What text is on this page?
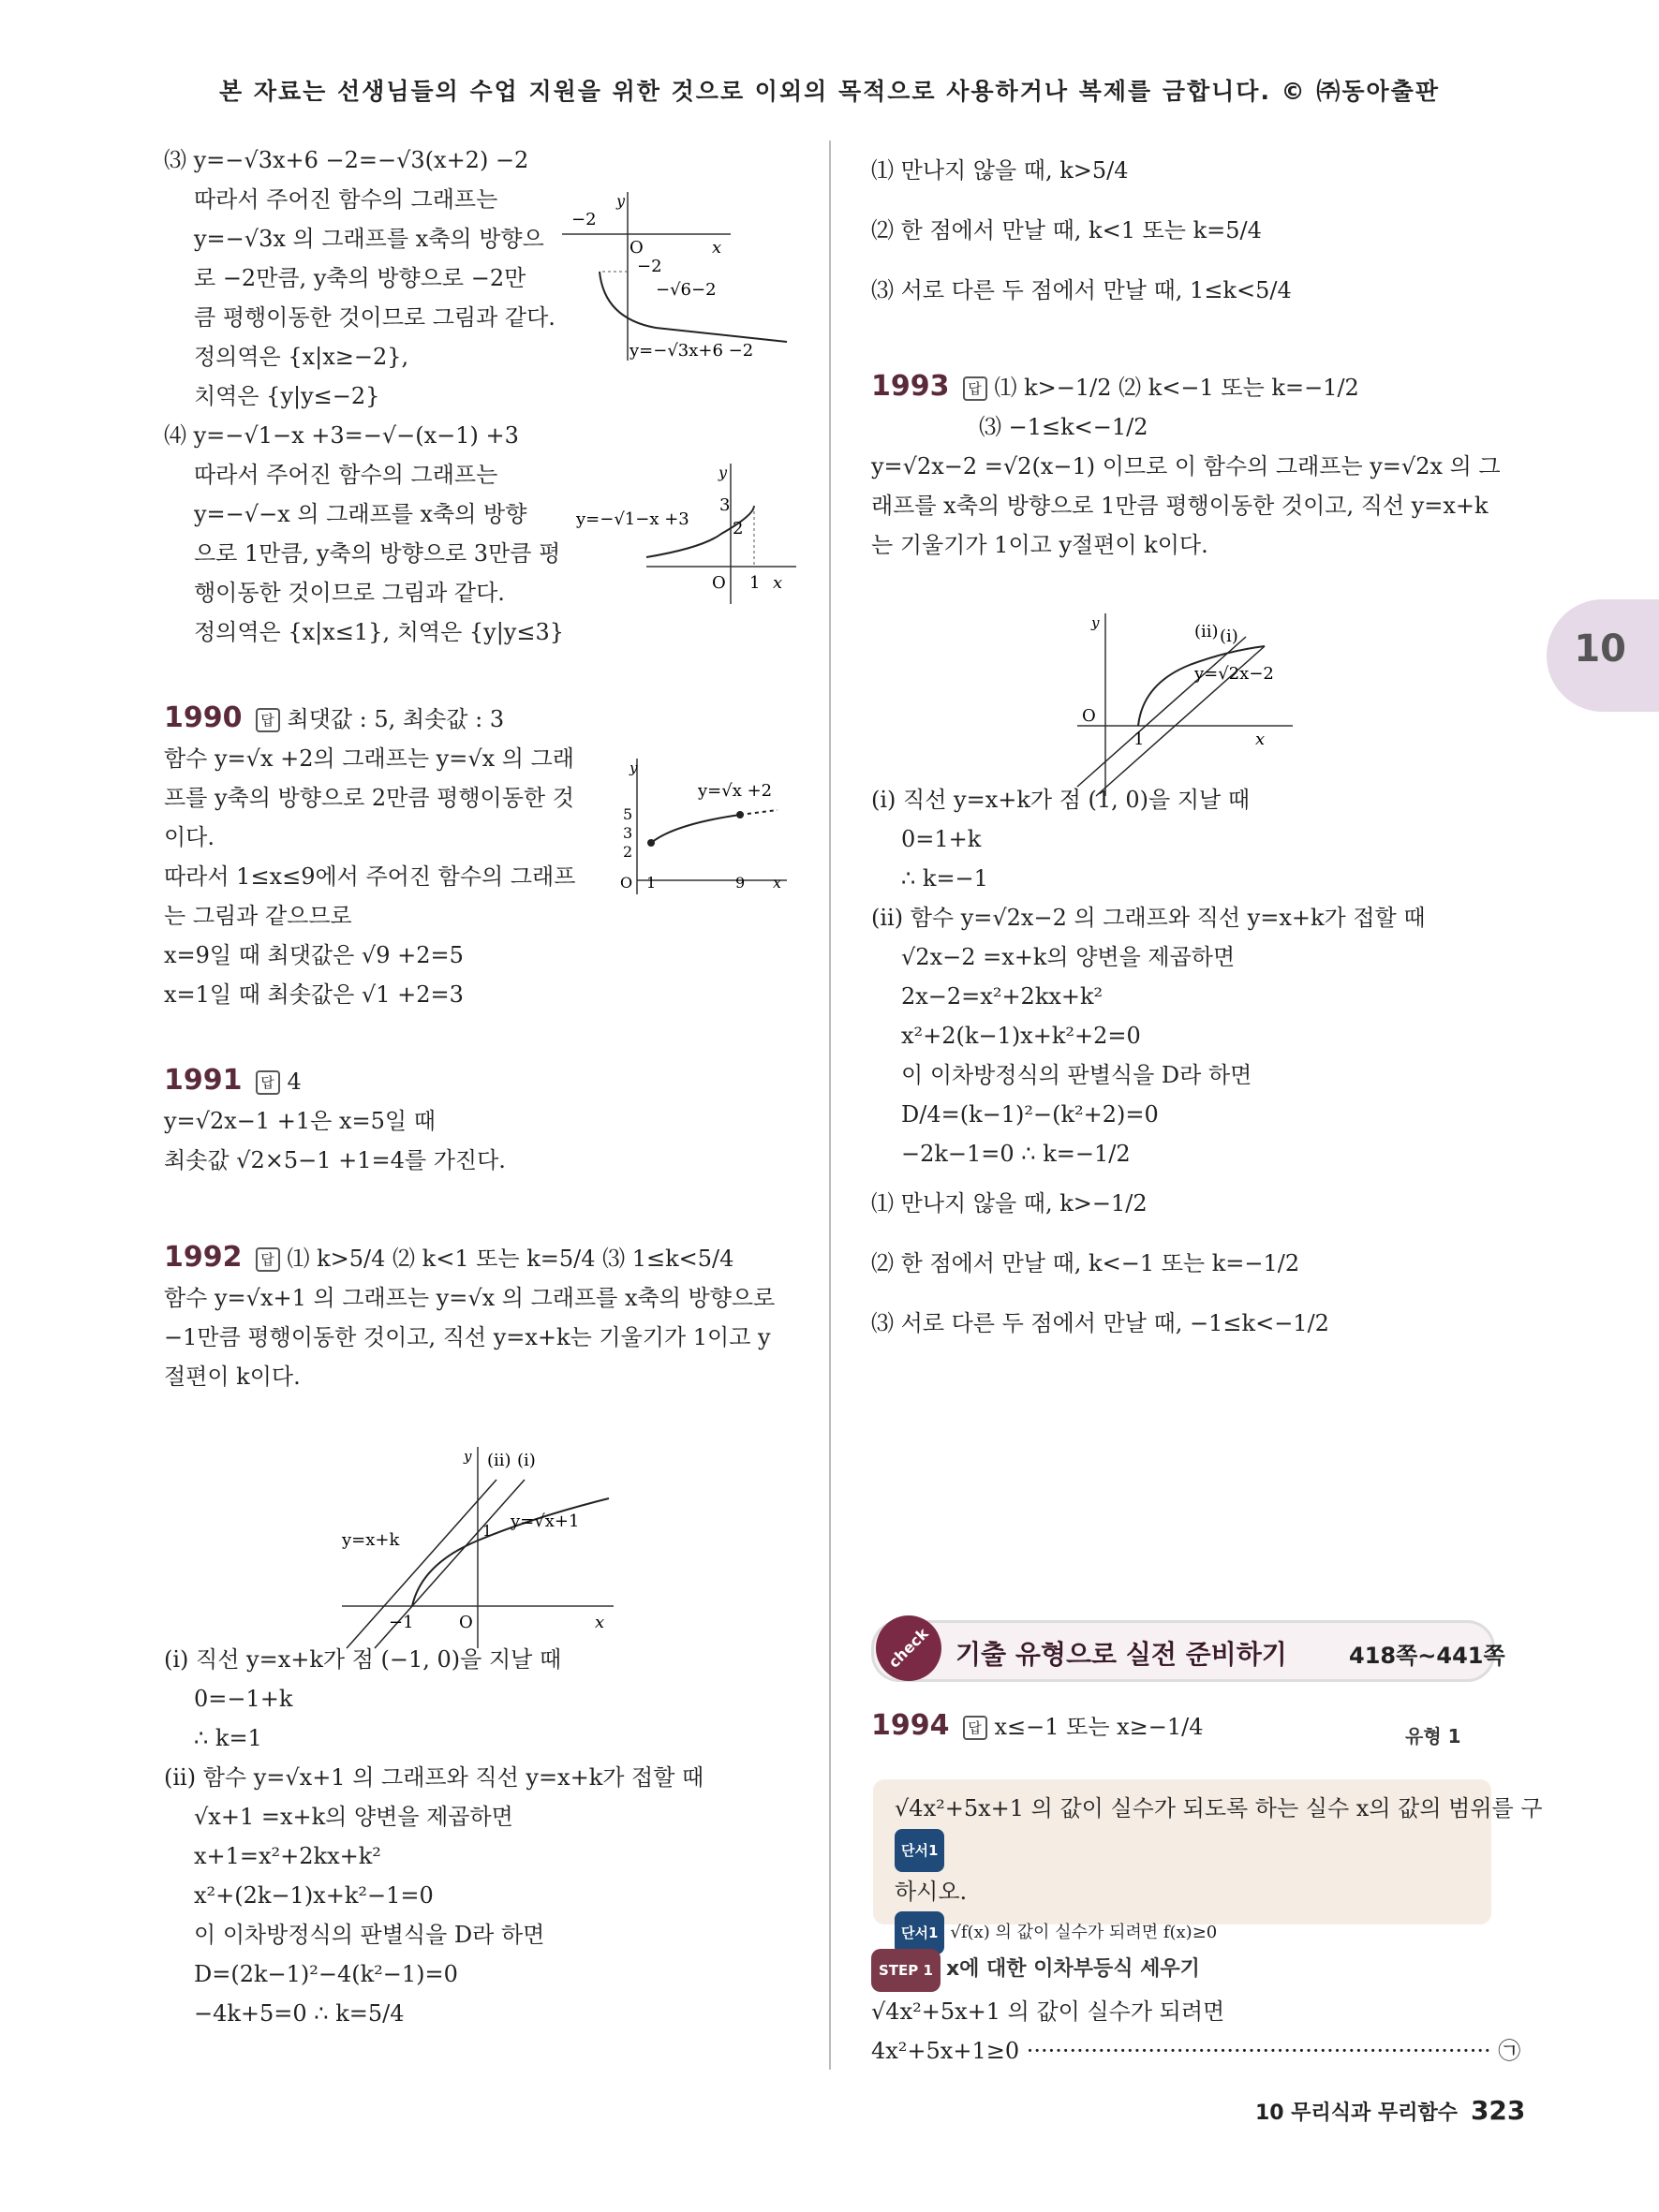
본 자료는 선생님들의 수업 지원을 위한 것으로 이외의 목적으로 사용하거나 복제를 금합니다. © ㈜동아출판
10
⑶ y=−√3x+6 −2=−√3(x+2) −2
따라서 주어진 함수의 그래프는
y=−√3x 의 그래프를 x축의 방향으
로 −2만큼, y축의 방향으로 −2만
큼 평행이동한 것이므로 그림과 같다.
정의역은 {x|x≥−2},
치역은 {y|y≤−2}
⑷ y=−√1−x +3=−√−(x−1) +3
따라서 주어진 함수의 그래프는
y=−√−x 의 그래프를 x축의 방향
으로 1만큼, y축의 방향으로 3만큼 평
행이동한 것이므로 그림과 같다.
정의역은 {x|x≤1}, 치역은 {y|y≤3}
1990 답 최댓값 : 5, 최솟값 : 3
함수 y=√x +2의 그래프는 y=√x 의 그래
프를 y축의 방향으로 2만큼 평행이동한 것
이다.
따라서 1≤x≤9에서 주어진 함수의 그래프
는 그림과 같으므로
x=9일 때 최댓값은 √9 +2=5
x=1일 때 최솟값은 √1 +2=3
1991 답 4
y=√2x−1 +1은 x=5일 때
최솟값 √2×5−1 +1=4를 가진다.
1992 답 ⑴ k>5/4 ⑵ k<1 또는 k=5/4 ⑶ 1≤k<5/4
함수 y=√x+1 의 그래프는 y=√x 의 그래프를 x축의 방향으로
−1만큼 평행이동한 것이고, 직선 y=x+k는 기울기가 1이고 y
절편이 k이다.
(i) 직선 y=x+k가 점 (−1, 0)을 지날 때
0=−1+k
∴ k=1
(ii) 함수 y=√x+1 의 그래프와 직선 y=x+k가 접할 때
√x+1 =x+k의 양변을 제곱하면
x+1=x²+2kx+k²
x²+(2k−1)x+k²−1=0
이 이차방정식의 판별식을 D라 하면
D=(2k−1)²−4(k²−1)=0
−4k+5=0 ∴ k=5/4
−2
O	x
y
−2
−√6−2
y=−√3x+6 −2
y=−√1−x +3
y
3
2
O 1 x
y
y=√x +2
5
3
2
O 1	9 x
y (ii) (i)
y=√x+1
y=x+k	1
−1	O	x
⑴ 만나지 않을 때, k>5/4
⑵ 한 점에서 만날 때, k<1 또는 k=5/4
⑶ 서로 다른 두 점에서 만날 때, 1≤k<5/4
1993 답 ⑴ k>−1/2 ⑵ k<−1 또는 k=−1/2
⑶ −1≤k<−1/2
y=√2x−2 =√2(x−1) 이므로 이 함수의 그래프는 y=√2x 의 그
래프를 x축의 방향으로 1만큼 평행이동한 것이고, 직선 y=x+k
는 기울기가 1이고 y절편이 k이다.
(i) 직선 y=x+k가 점 (1, 0)을 지날 때
0=1+k
∴ k=−1
(ii) 함수 y=√2x−2 의 그래프와 직선 y=x+k가 접할 때
√2x−2 =x+k의 양변을 제곱하면
2x−2=x²+2kx+k²
x²+2(k−1)x+k²+2=0
이 이차방정식의 판별식을 D라 하면
D/4=(k−1)²−(k²+2)=0
−2k−1=0 ∴ k=−1/2
⑴ 만나지 않을 때, k>−1/2
⑵ 한 점에서 만날 때, k<−1 또는 k=−1/2
⑶ 서로 다른 두 점에서 만날 때, −1≤k<−1/2
y	(ii) (i)
y=√2x−2
O
1	x
check 기출 유형으로 실전 준비하기	418쪽~441쪽
1994 답 x≤−1 또는 x≥−1/4	유형 1
√4x²+5x+1 의 값이 실수가 되도록 하는 실수 x의 값의 범위를 구
단서1
하시오.
단서1 √f(x) 의 값이 실수가 되려면 f(x)≥0
STEP 1 x에 대한 이차부등식 세우기
√4x²+5x+1 의 값이 실수가 되려면
4x²+5x+1≥0 ································································· ㉠
10 무리식과 무리함수 323
